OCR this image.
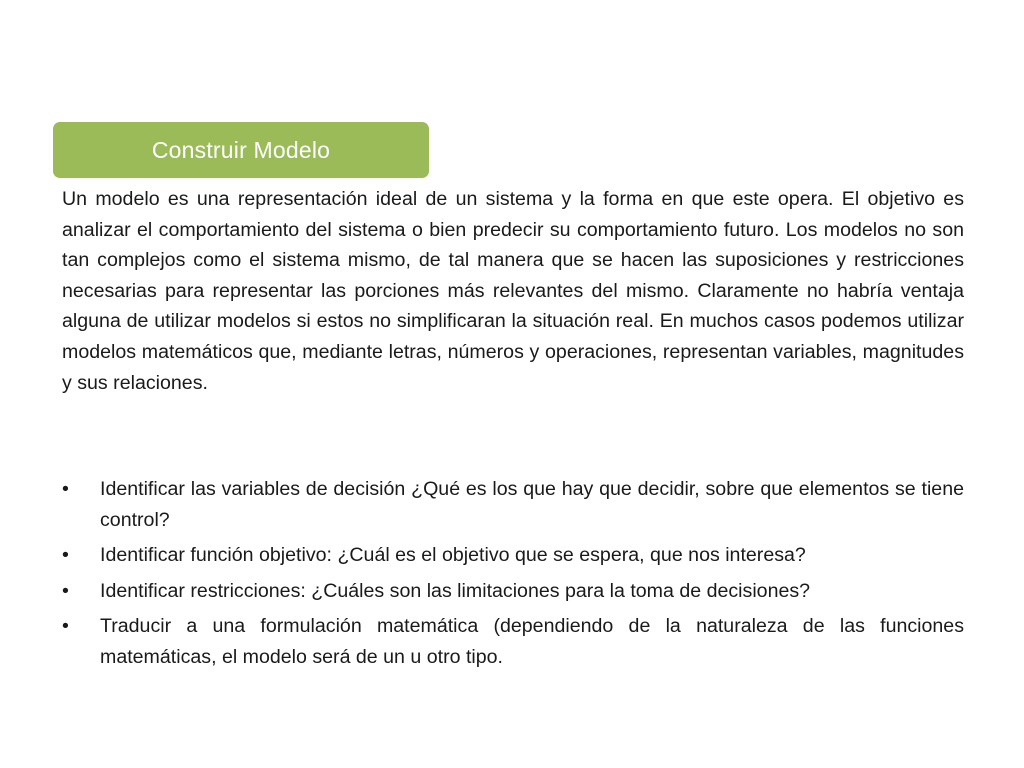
Construir Modelo

Un modelo es una representación ideal de un sistema y la forma en que este opera. El objetivo es analizar el comportamiento del sistema o bien predecir su comportamiento futuro. Los modelos no son tan complejos como el sistema mismo, de tal manera que se hacen las suposiciones y restricciones necesarias para representar las porciones más relevantes del mismo. Claramente no habría ventaja alguna de utilizar modelos si estos no simplificaran la situación real. En muchos casos podemos utilizar modelos matemáticos que, mediante letras, números y operaciones, representan variables, magnitudes y sus relaciones.

•	Identificar las variables de decisión ¿Qué es los que hay que decidir, sobre que elementos se tiene control?
•	Identificar función objetivo: ¿Cuál es el objetivo que se espera, que nos interesa?
•	Identificar restricciones: ¿Cuáles son las limitaciones para la toma de decisiones?
•	Traducir a una formulación matemática (dependiendo de la naturaleza de las funciones matemáticas, el modelo será de un u otro tipo.
